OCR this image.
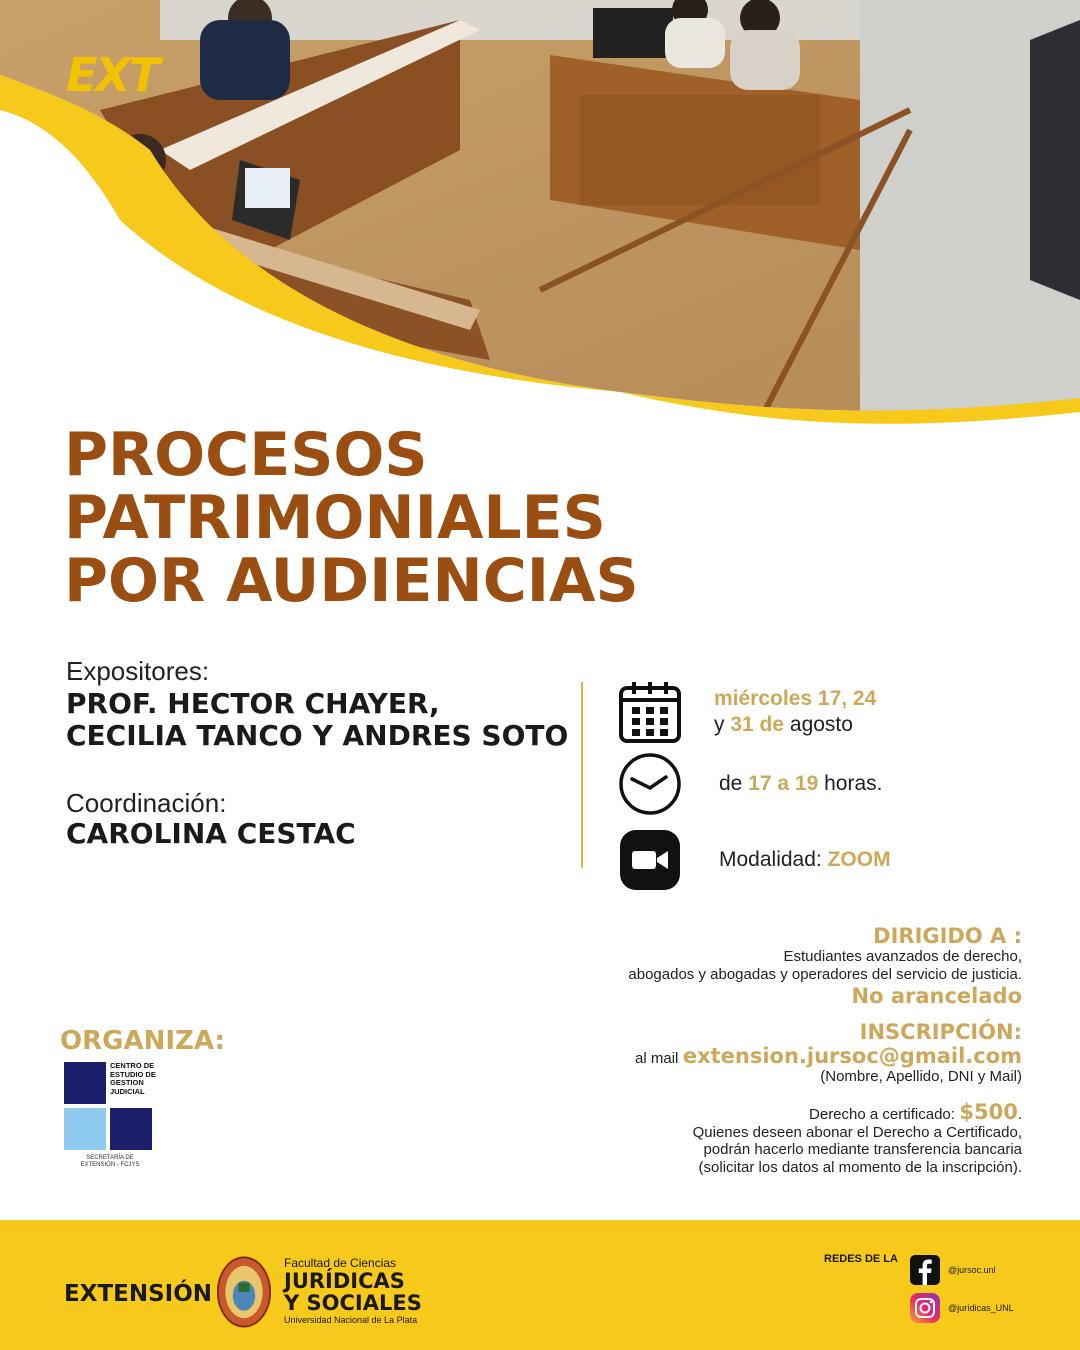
EXT
PROCESOS
PATRIMONIALES
POR AUDIENCIAS
Expositores:
PROF. HECTOR CHAYER,
CECILIA TANCO Y ANDRES SOTO
Coordinación:
CAROLINA CESTAC
miércoles 17, 24
y 31 de agosto
de 17 a 19 horas.
Modalidad: ZOOM
DIRIGIDO A :
Estudiantes avanzados de derecho,
abogados y abogadas y operadores del servicio de justicia.
No arancelado
INSCRIPCIÓN:
al mail extension.jursoc@gmail.com
(Nombre, Apellido, DNI y Mail)
Derecho a certificado: $500.
Quienes deseen abonar el Derecho a Certificado,
podrán hacerlo mediante transferencia bancaria
(solicitar los datos al momento de la inscripción).
ORGANIZA:
CENTRO DE
ESTUDIO DE
GESTION
JUDICIAL
SECRETARÍA DE
EXTENSIÓN - FCJYS
EXTENSIÓN
Facultad de Ciencias
JURÍDICAS
Y SOCIALES
Universidad Nacional de La Plata
REDES DE LA
@jursoc.unl
@jurídicas_UNL
